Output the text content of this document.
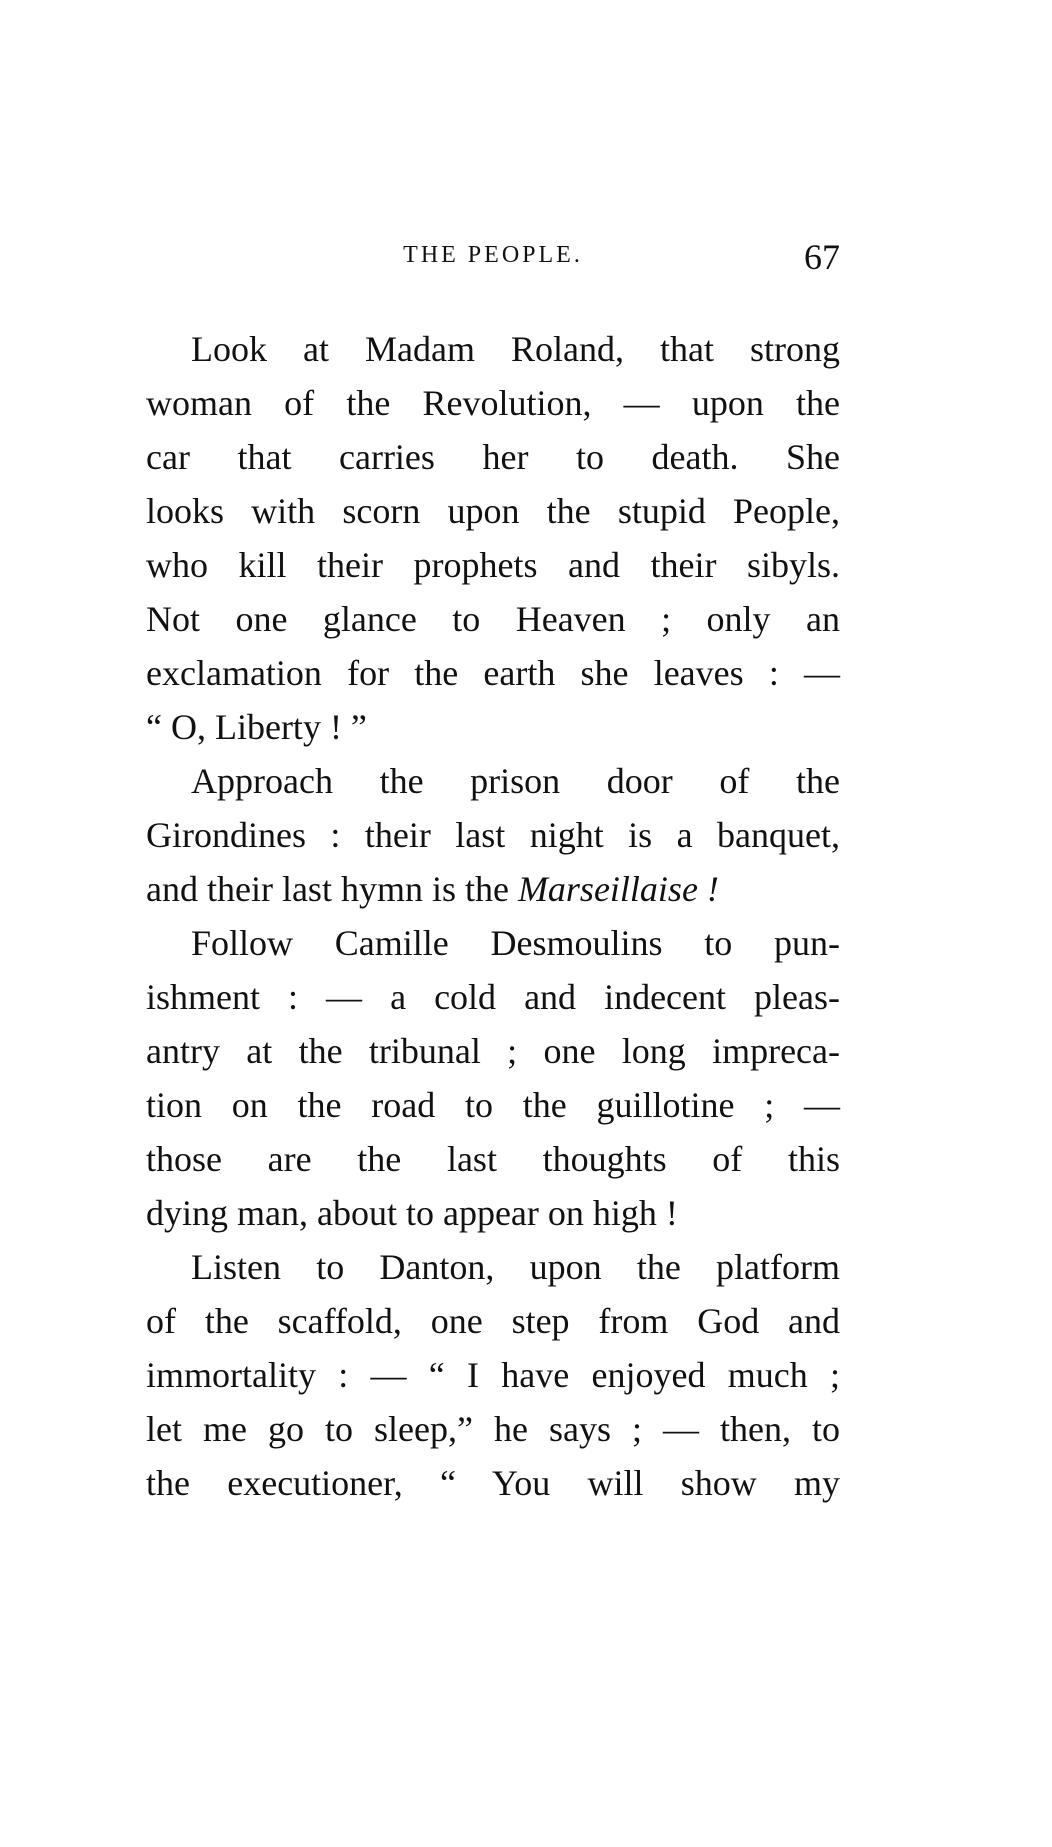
THE PEOPLE.	67
Look at Madam Roland, that strong
woman of the Revolution, — upon the
car that carries her to death. She
looks with scorn upon the stupid People,
who kill their prophets and their sibyls.
Not one glance to Heaven ; only an
exclamation for the earth she leaves : —
“ O, Liberty ! ”
Approach the prison door of the
Girondines : their last night is a banquet,
and their last hymn is the Marseillaise !
Follow Camille Desmoulins to pun-
ishment : — a cold and indecent pleas-
antry at the tribunal ; one long impreca-
tion on the road to the guillotine ; —
those are the last thoughts of this
dying man, about to appear on high !
Listen to Danton, upon the platform
of the scaffold, one step from God and
immortality : — “ I have enjoyed much ;
let me go to sleep,” he says ; — then, to
the executioner, “ You will show my
